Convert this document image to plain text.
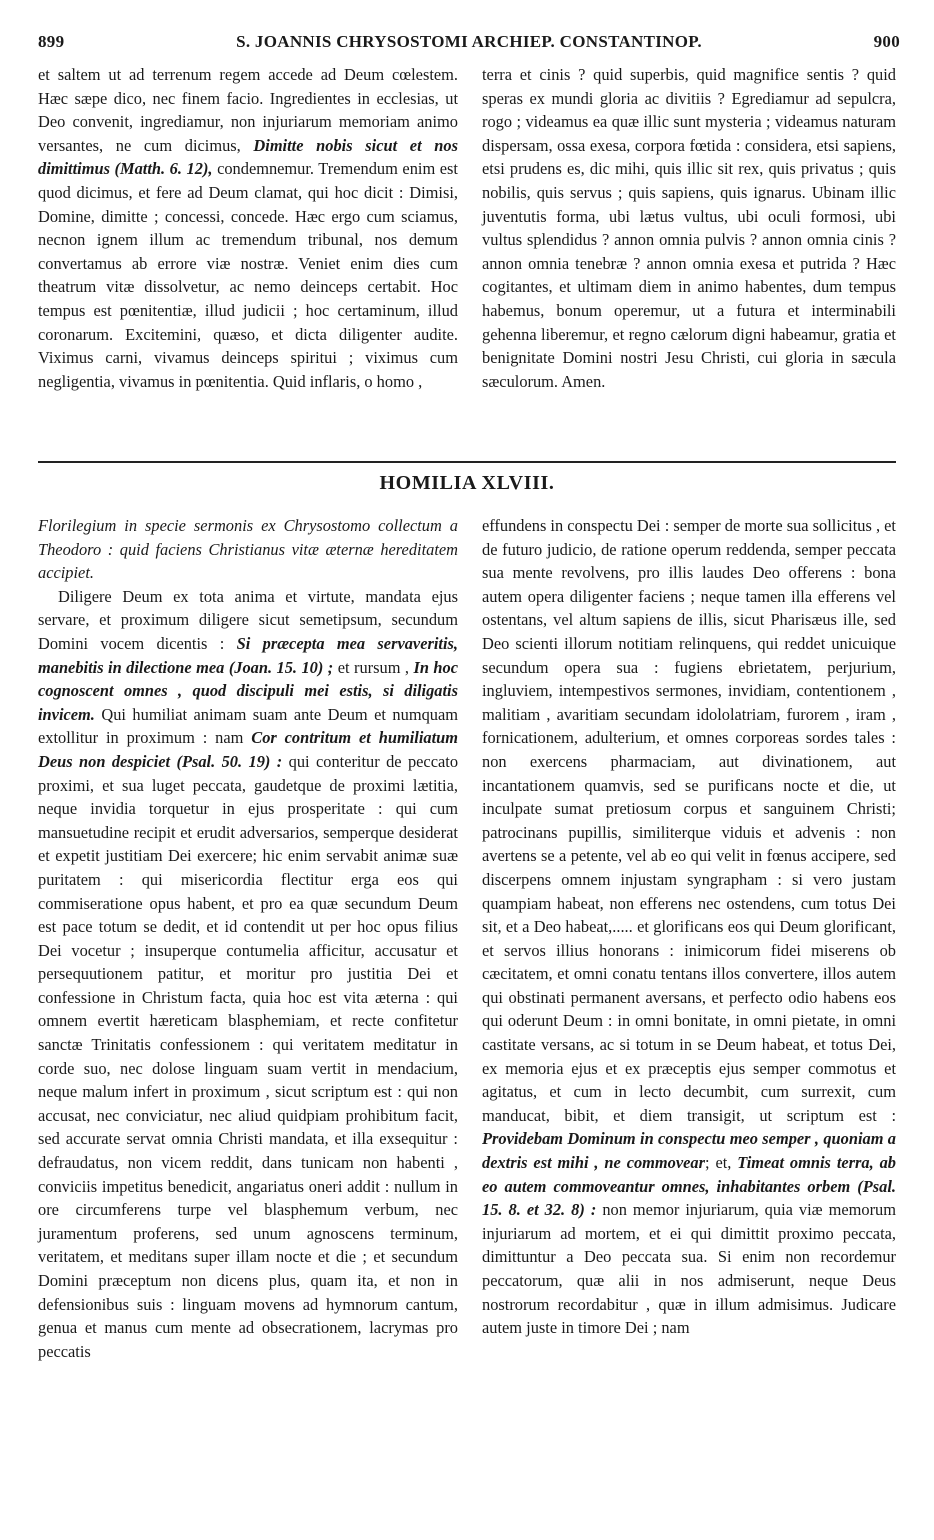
899	S. JOANNIS CHRYSOSTOMI ARCHIEP. CONSTANTINOP.	900

et saltem ut ad terrenum regem accede ad Deum cœlestem. Hæc sæpe dico, nec finem facio. Ingredientes in ecclesias, ut Deo convenit, ingrediamur, non injuriarum memoriam animo versantes, ne cum dicimus, Dimitte nobis sicut et nos dimittimus (Matth. 6. 12), condemnemur. Tremendum enim est quod dicimus, et fere ad Deum clamat, qui hoc dicit : Dimisi, Domine, dimitte ; concessi, concede. Hæc ergo cum sciamus, necnon ignem illum ac tremendum tribunal, nos demum convertamus ab errore viæ nostræ. Veniet enim dies cum theatrum vitæ dissolvetur, ac nemo deinceps certabit. Hoc tempus est pœnitentiæ, illud judicii ; hoc certaminum, illud coronarum. Excitemini, quæso, et dicta diligenter audite. Viximus carni, vivamus deinceps spiritui ; viximus cum negligentia, vivamus in pœnitentia. Quid inflaris, o homo ,

terra et cinis ? quid superbis, quid magnifice sentis ? quid speras ex mundi gloria ac divitiis ? Egrediamur ad sepulcra, rogo ; videamus ea quæ illic sunt mysteria ; videamus naturam dispersam, ossa exesa, corpora fœtida : considera, etsi sapiens, etsi prudens es, dic mihi, quis illic sit rex, quis privatus ; quis nobilis, quis servus ; quis sapiens, quis ignarus. Ubinam illic juventutis forma, ubi lætus vultus, ubi oculi formosi, ubi vultus splendidus ? annon omnia pulvis ? annon omnia cinis ? annon omnia tenebræ ? annon omnia exesa et putrida ? Hæc cogitantes, et ultimam diem in animo habentes, dum tempus habemus, bonum operemur, ut a futura et interminabili gehenna liberemur, et regno cælorum digni habeamur, gratia et benignitate Domini nostri Jesu Christi, cui gloria in sæcula sæculorum. Amen.

HOMILIA XLVIII.

Florilegium in specie sermonis ex Chrysostomo collectum a Theodoro : quid faciens Christianus vitæ æternæ hereditatem accipiet.

Diligere Deum ex tota anima et virtute, mandata ejus servare, et proximum diligere sicut semetipsum, secundum Domini vocem dicentis : Si præcepta mea servaveritis, manebitis in dilectione mea (Joan. 15. 10) ; et rursum , In hoc cognoscent omnes , quod discipuli mei estis, si diligatis invicem. Qui humiliat animam suam ante Deum et numquam extollitur in proximum : nam Cor contritum et humiliatum Deus non despiciet (Psal. 50. 19) : qui conteritur de peccato proximi, et sua luget peccata, gaudetque de proximi lætitia, neque invidia torquetur in ejus prosperitate : qui cum mansuetudine recipit et erudit adversarios, semperque desiderat et expetit justitiam Dei exercere; hic enim servabit animæ suæ puritatem : qui misericordia flectitur erga eos qui commiseratione opus habent, et pro ea quæ secundum Deum est pace totum se dedit, et id contendit ut per hoc opus filius Dei vocetur ; insuperque contumelia afficitur, accusatur et persequutionem patitur, et moritur pro justitia Dei et confessione in Christum facta, quia hoc est vita æterna : qui omnem evertit hæreticam blasphemiam, et recte confitetur sanctæ Trinitatis confessionem : qui veritatem meditatur in corde suo, nec dolose linguam suam vertit in mendacium, neque malum infert in proximum , sicut scriptum est : qui non accusat, nec conviciatur, nec aliud quidpiam prohibitum facit, sed accurate servat omnia Christi mandata, et illa exsequitur : defraudatus, non vicem reddit, dans tunicam non habenti , conviciis impetitus benedicit, angariatus oneri addit : nullum in ore circumferens turpe vel blasphemum verbum, nec juramentum proferens, sed unum agnoscens terminum, veritatem, et meditans super illam nocte et die ; et secundum Domini præceptum non dicens plus, quam ita, et non in defensionibus suis : linguam movens ad hymnorum cantum, genua et manus cum mente ad obsecrationem, lacrymas pro peccatis

effundens in conspectu Dei : semper de morte sua sollicitus , et de futuro judicio, de ratione operum reddenda, semper peccata sua mente revolvens, pro illis laudes Deo offerens : bona autem opera diligenter faciens ; neque tamen illa efferens vel ostentans, vel altum sapiens de illis, sicut Pharisæus ille, sed Deo scienti illorum notitiam relinquens, qui reddet unicuique secundum opera sua : fugiens ebrietatem, perjurium, ingluviem, intempestivos sermones, invidiam, contentionem , malitiam , avaritiam secundam idololatriam, furorem , iram , fornicationem, adulterium, et omnes corporeas sordes tales : non exercens pharmaciam, aut divinationem, aut incantationem quamvis, sed se purificans nocte et die, ut inculpate sumat pretiosum corpus et sanguinem Christi; patrocinans pupillis, similiterque viduis et advenis : non avertens se a petente, vel ab eo qui velit in fœnus accipere, sed discerpens omnem injustam syngrapham : si vero justam quampiam habeat, non efferens nec ostendens, cum totus Dei sit, et a Deo habeat,..... et glorificans eos qui Deum glorificant, et servos illius honorans : inimicorum fidei miserens ob cæcitatem, et omni conatu tentans illos convertere, illos autem qui obstinati permanent aversans, et perfecto odio habens eos qui oderunt Deum : in omni bonitate, in omni pietate, in omni castitate versans, ac si totum in se Deum habeat, et totus Dei, ex memoria ejus et ex præceptis ejus semper commotus et agitatus, et cum in lecto decumbit, cum surrexit, cum manducat, bibit, et diem transigit, ut scriptum est : Providebam Dominum in conspectu meo semper , quoniam a dextris est mihi , ne commovear; et, Timeat omnis terra, ab eo autem commoveantur omnes, inhabitantes orbem (Psal. 15. 8. et 32. 8) : non memor injuriarum, quia viæ memorum injuriarum ad mortem, et ei qui dimittit proximo peccata, dimittuntur a Deo peccata sua. Si enim non recordemur peccatorum, quæ alii in nos admiserunt, neque Deus nostrorum recordabitur , quæ in illum admisimus. Judicare autem juste in timore Dei ; nam
